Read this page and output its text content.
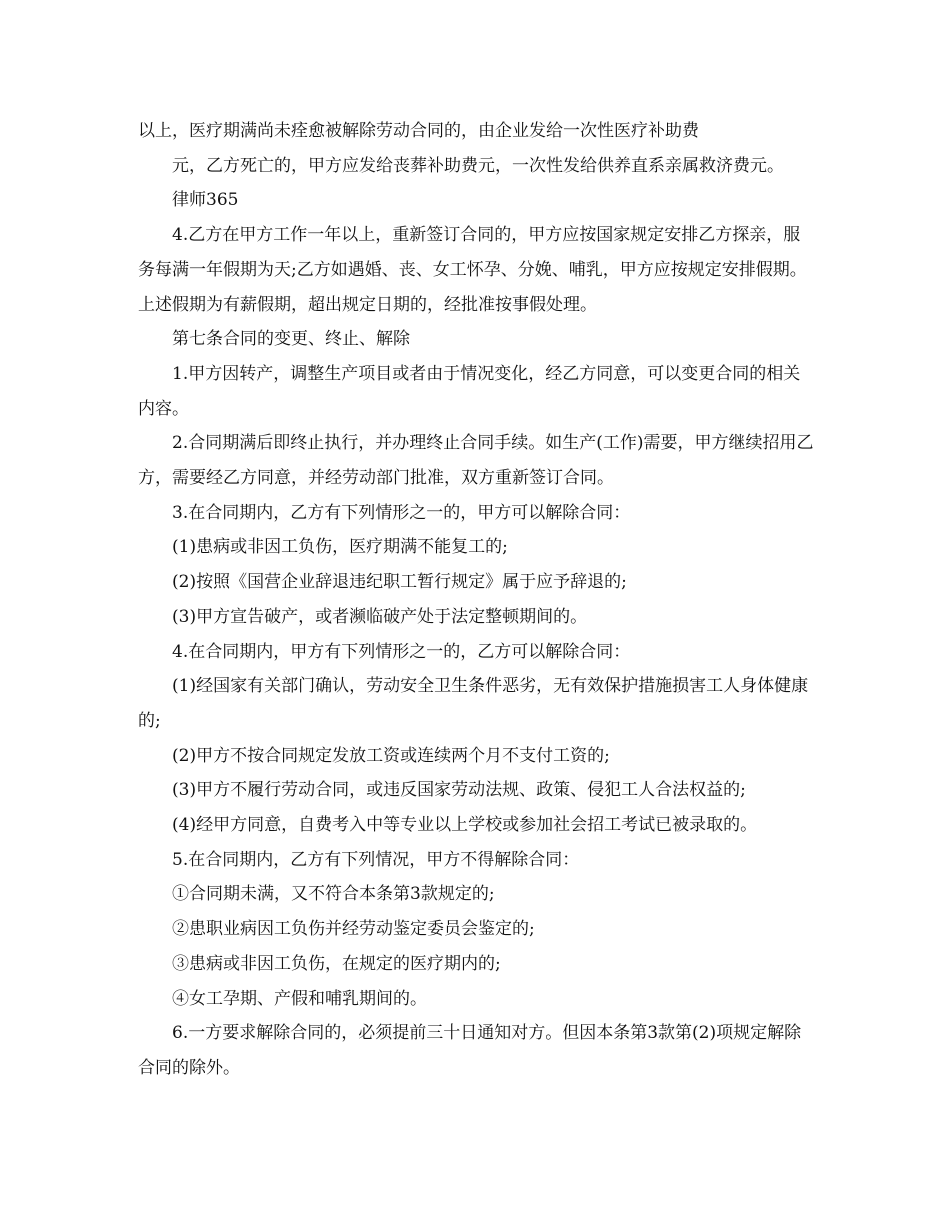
以上，医疗期满尚未痊愈被解除劳动合同的，由企业发给一次性医疗补助费

元，乙方死亡的，甲方应发给丧葬补助费元，一次性发给供养直系亲属救济费元。

律师365

4.乙方在甲方工作一年以上，重新签订合同的，甲方应按国家规定安排乙方探亲，服务每满一年假期为天;乙方如遇婚、丧、女工怀孕、分娩、哺乳，甲方应按规定安排假期。上述假期为有薪假期，超出规定日期的，经批准按事假处理。

第七条合同的变更、终止、解除

1.甲方因转产，调整生产项目或者由于情况变化，经乙方同意，可以变更合同的相关内容。

2.合同期满后即终止执行，并办理终止合同手续。如生产(工作)需要，甲方继续招用乙方，需要经乙方同意，并经劳动部门批准，双方重新签订合同。

3.在合同期内，乙方有下列情形之一的，甲方可以解除合同：

(1)患病或非因工负伤，医疗期满不能复工的;

(2)按照《国营企业辞退违纪职工暂行规定》属于应予辞退的;

(3)甲方宣告破产，或者濒临破产处于法定整顿期间的。

4.在合同期内，甲方有下列情形之一的，乙方可以解除合同：

(1)经国家有关部门确认，劳动安全卫生条件恶劣，无有效保护措施损害工人身体健康的;

(2)甲方不按合同规定发放工资或连续两个月不支付工资的;

(3)甲方不履行劳动合同，或违反国家劳动法规、政策、侵犯工人合法权益的;

(4)经甲方同意，自费考入中等专业以上学校或参加社会招工考试已被录取的。

5.在合同期内，乙方有下列情况，甲方不得解除合同：

①合同期未满，又不符合本条第3款规定的;

②患职业病因工负伤并经劳动鉴定委员会鉴定的;

③患病或非因工负伤，在规定的医疗期内的;

④女工孕期、产假和哺乳期间的。

6.一方要求解除合同的，必须提前三十日通知对方。但因本条第3款第(2)项规定解除合同的除外。
